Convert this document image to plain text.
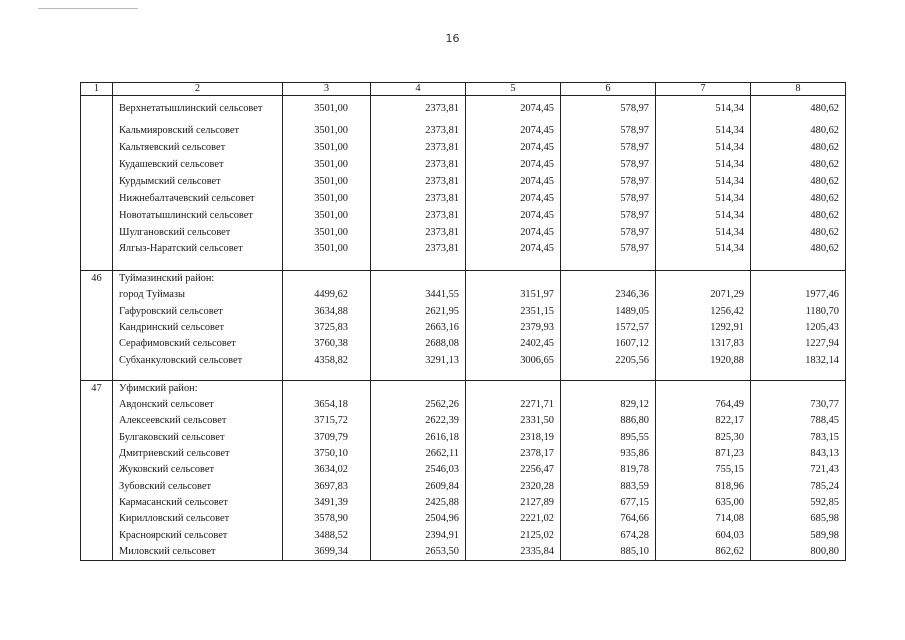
16
1	2	3	4	5	6	7	8
	Верхнетатышлинский сельсовет	3501,00	2373,81	2074,45	578,97	514,34	480,62
	Кальмияровский сельсовет	3501,00	2373,81	2074,45	578,97	514,34	480,62
	Кальтяевский сельсовет	3501,00	2373,81	2074,45	578,97	514,34	480,62
	Кудашевский сельсовет	3501,00	2373,81	2074,45	578,97	514,34	480,62
	Курдымский сельсовет	3501,00	2373,81	2074,45	578,97	514,34	480,62
	Нижнебалтачевский сельсовет	3501,00	2373,81	2074,45	578,97	514,34	480,62
	Новотатышлинский сельсовет	3501,00	2373,81	2074,45	578,97	514,34	480,62
	Шулгановский сельсовет	3501,00	2373,81	2074,45	578,97	514,34	480,62
	Ялгыз-Наратский сельсовет	3501,00	2373,81	2074,45	578,97	514,34	480,62

46	Туймазинский район:						
	город Туймазы	4499,62	3441,55	3151,97	2346,36	2071,29	1977,46
	Гафуровский сельсовет	3634,88	2621,95	2351,15	1489,05	1256,42	1180,70
	Кандринский сельсовет	3725,83	2663,16	2379,93	1572,57	1292,91	1205,43
	Серафимовский сельсовет	3760,38	2688,08	2402,45	1607,12	1317,83	1227,94
	Субханкуловский сельсовет	4358,82	3291,13	3006,65	2205,56	1920,88	1832,14

47	Уфимский район:						
	Авдонский сельсовет	3654,18	2562,26	2271,71	829,12	764,49	730,77
	Алексеевский сельсовет	3715,72	2622,39	2331,50	886,80	822,17	788,45
	Булгаковский сельсовет	3709,79	2616,18	2318,19	895,55	825,30	783,15
	Дмитриевский сельсовет	3750,10	2662,11	2378,17	935,86	871,23	843,13
	Жуковский сельсовет	3634,02	2546,03	2256,47	819,78	755,15	721,43
	Зубовский сельсовет	3697,83	2609,84	2320,28	883,59	818,96	785,24
	Кармасанский сельсовет	3491,39	2425,88	2127,89	677,15	635,00	592,85
	Кирилловский сельсовет	3578,90	2504,96	2221,02	764,66	714,08	685,98
	Красноярский сельсовет	3488,52	2394,91	2125,02	674,28	604,03	589,98
	Миловский сельсовет	3699,34	2653,50	2335,84	885,10	862,62	800,80
